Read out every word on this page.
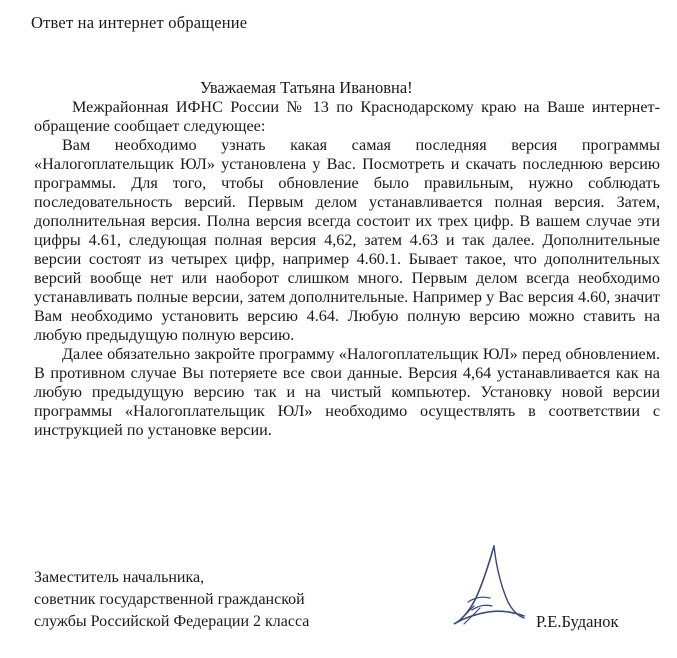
Ответ на интернет обращение
Уважаемая Татьяна Ивановна!

Межрайонная ИФНС России № 13 по Краснодарскому краю на Ваше интернет-обращение сообщает следующее:

Вам необходимо узнать какая самая последняя версия программы «Налогоплательщик ЮЛ» установлена у Вас. Посмотреть и скачать последнюю версию программы. Для того, чтобы обновление было правильным, нужно соблюдать последовательность версий. Первым делом устанавливается полная версия. Затем, дополнительная версия. Полна версия всегда состоит их трех цифр. В вашем случае эти цифры 4.61, следующая полная версия 4,62, затем 4.63 и так далее. Дополнительные версии состоят из четырех цифр, например 4.60.1. Бывает такое, что дополнительных версий вообще нет или наоборот слишком много. Первым делом всегда необходимо устанавливать полные версии, затем дополнительные. Например у Вас версия 4.60, значит Вам необходимо установить версию 4.64. Любую полную версию можно ставить на любую предыдущую полную версию.

Далее обязательно закройте программу «Налогоплательщик ЮЛ» перед обновлением. В противном случае Вы потеряете все свои данные. Версия 4,64 устанавливается как на любую предыдущую версию так и на чистый компьютер. Установку новой версии программы «Налогоплательщик ЮЛ» необходимо осуществлять в соответствии с инструкцией по установке версии.

Заместитель начальника,
советник государственной гражданской
службы Российской Федерации 2 класса	Р.Е.Буданок
